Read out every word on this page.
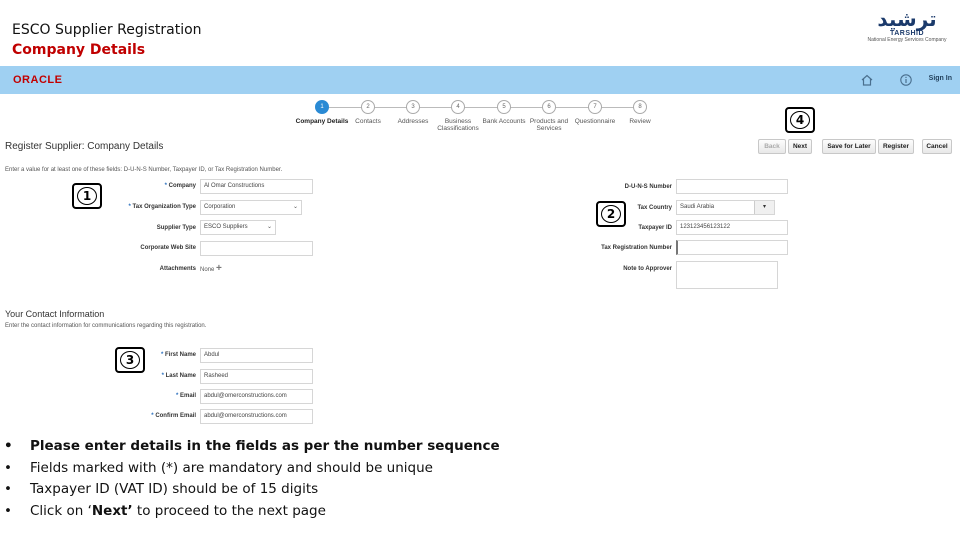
ESCO Supplier Registration
Company Details
ترشيد
TARSHID
National Energy Services Company
ORACLE	Sign In
1
Company Details
2
Contacts
3
Addresses
4
Business Classifications
5
Bank Accounts
6
Products and Services
7
Questionnaire
8
Review
Register Supplier: Company Details	Back	Next	Save for Later	Register	Cancel
Enter a value for at least one of these fields: D-U-N-S Number, Taxpayer ID, or Tax Registration Number.
* Company	Al Omar Constructions
* Tax Organization Type	Corporation	⌄
Supplier Type	ESCO Suppliers	⌄
Corporate Web Site
Attachments None +
D-U-N-S Number
Tax Country	Saudi Arabia	▾
Taxpayer ID	123123456123122
Tax Registration Number
Note to Approver
Your Contact Information
Enter the contact information for communications regarding this registration.
* First Name	Abdul
* Last Name	Rasheed
* Email	abdul@omerconstructions.com
* Confirm Email	abdul@omerconstructions.com
1
2
3
4
• Please enter details in the fields as per the number sequence
• Fields marked with (*) are mandatory and should be unique
• Taxpayer ID (VAT ID) should be of 15 digits
• Click on ‘Next’ to proceed to the next page
